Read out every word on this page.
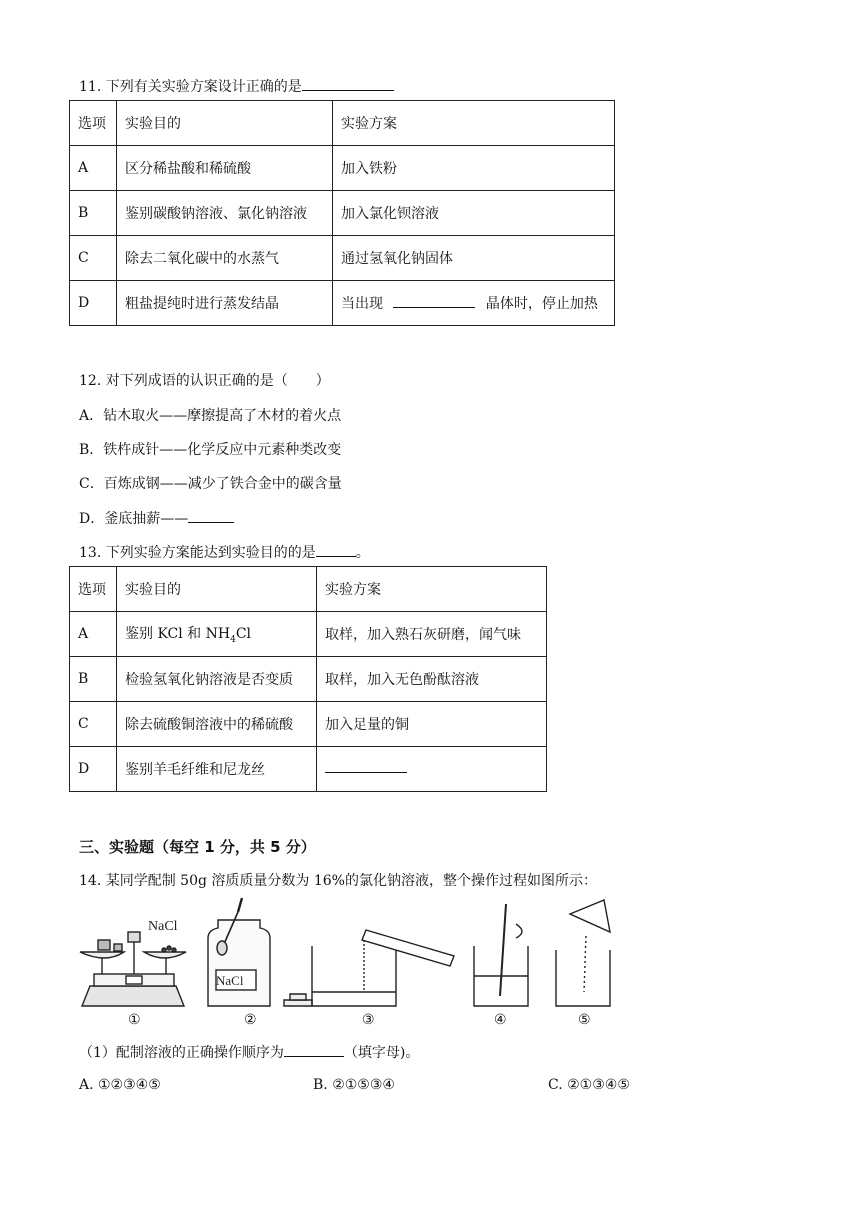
11. 下列有关实验方案设计正确的是
选项	实验目的	实验方案
A	区分稀盐酸和稀硫酸	加入铁粉
B	鉴别碳酸钠溶液、氯化钠溶液	加入氯化钡溶液
C	除去二氧化碳中的水蒸气	通过氢氧化钠固体
D	粗盐提纯时进行蒸发结晶	当出现 晶体时，停止加热
12. 对下列成语的认识正确的是（　　）
A．钻木取火——摩擦提高了木材的着火点
B．铁杵成针——化学反应中元素种类改变
C．百炼成钢——减少了铁合金中的碳含量
D．釜底抽薪——
13. 下列实验方案能达到实验目的的是	。
选项	实验目的	实验方案
A	鉴别 KCl 和 $NH_4Cl$	取样，加入熟石灰研磨，闻气味
B	检验氢氧化钠溶液是否变质	取样，加入无色酚酞溶液
C	除去硫酸铜溶液中的稀硫酸	加入足量的铜
D	鉴别羊毛纤维和尼龙丝	
三、实验题（每空 1 分，共 5 分）
14. 某同学配制 50g 溶质质量分数为 16%的氯化钠溶液，整个操作过程如图所示：
NaCl
NaCl
①	②	③	④	⑤
（1）配制溶液的正确操作顺序为	（填字母)。
A. ①②③④⑤	B. ②①⑤③④	C. ②①③④⑤
